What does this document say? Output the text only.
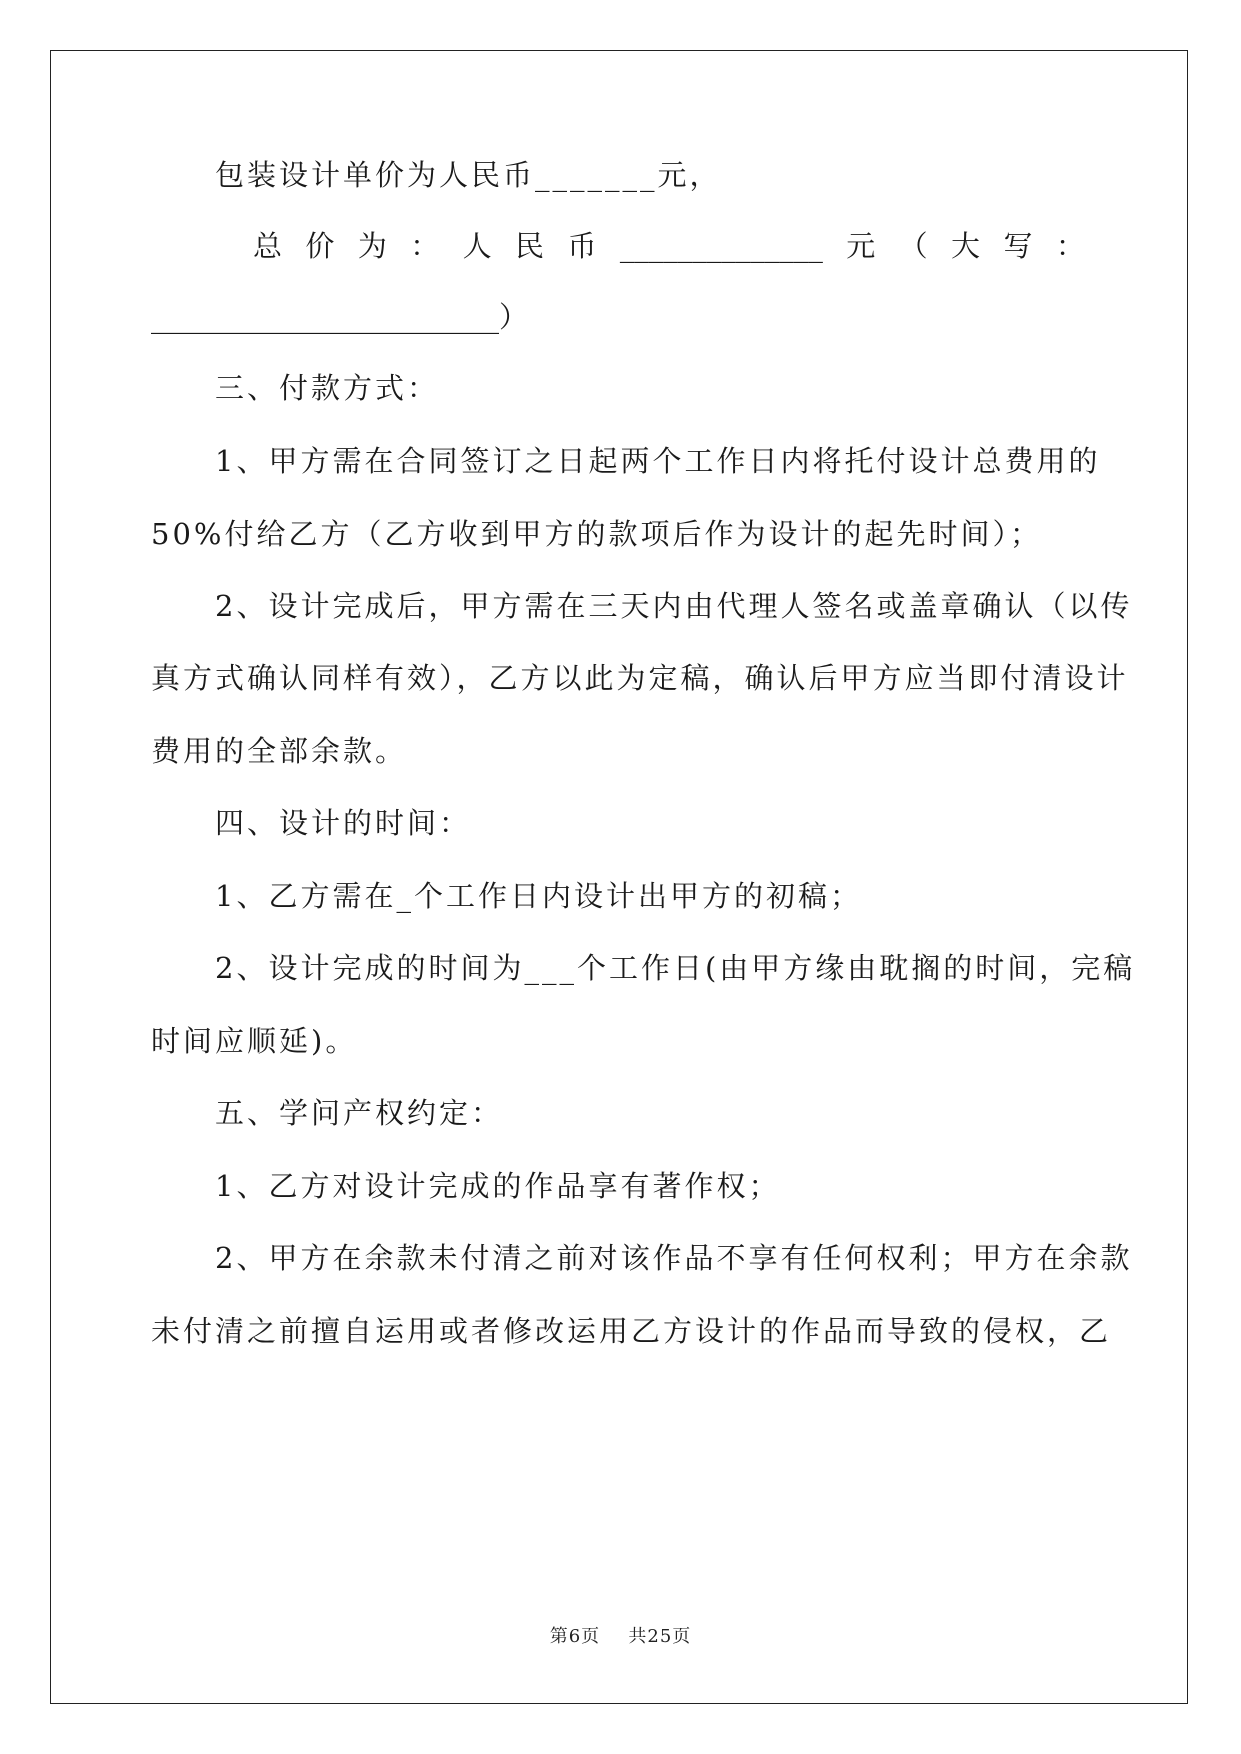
包装设计单价为人民币_______元，
总 价 为 ： 人 民 币 ______________ 元 （ 大 写 ：
________________________）
三、付款方式：
1、甲方需在合同签订之日起两个工作日内将托付设计总费用的
50%付给乙方（乙方收到甲方的款项后作为设计的起先时间）；
2、设计完成后，甲方需在三天内由代理人签名或盖章确认（以传
真方式确认同样有效），乙方以此为定稿，确认后甲方应当即付清设计
费用的全部余款。
四、设计的时间：
1、乙方需在_个工作日内设计出甲方的初稿；
2、设计完成的时间为___个工作日(由甲方缘由耽搁的时间，完稿
时间应顺延)。
五、学问产权约定：
1、乙方对设计完成的作品享有著作权；
2、甲方在余款未付清之前对该作品不享有任何权利；甲方在余款
未付清之前擅自运用或者修改运用乙方设计的作品而导致的侵权，乙
第6页 共25页
